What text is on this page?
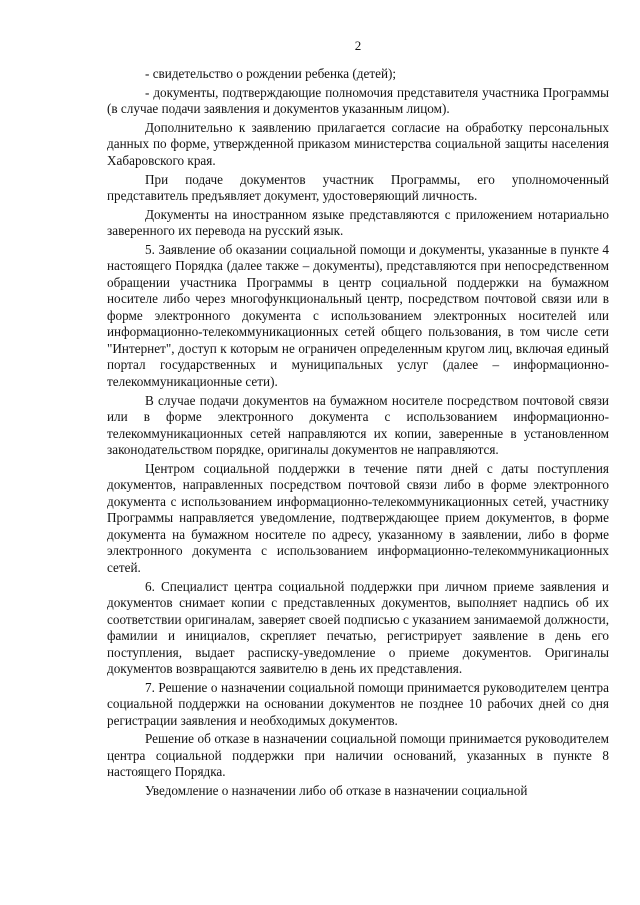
2

- свидетельство о рождении ребенка (детей);

- документы, подтверждающие полномочия представителя участника Программы (в случае подачи заявления и документов указанным лицом).

Дополнительно к заявлению прилагается согласие на обработку персональных данных по форме, утвержденной приказом министерства социальной защиты населения Хабаровского края.

При подаче документов участник Программы, его уполномоченный представитель предъявляет документ, удостоверяющий личность.

Документы на иностранном языке представляются с приложением нотариально заверенного их перевода на русский язык.

5. Заявление об оказании социальной помощи и документы, указанные в пункте 4 настоящего Порядка (далее также – документы), представляются при непосредственном обращении участника Программы в центр социальной поддержки на бумажном носителе либо через многофункциональный центр, посредством почтовой связи или в форме электронного документа с использованием электронных носителей или информационно-телекоммуникационных сетей общего пользования, в том числе сети "Интернет", доступ к которым не ограничен определенным кругом лиц, включая единый портал государственных и муниципальных услуг (далее – информационно-телекоммуникационные сети).

В случае подачи документов на бумажном носителе посредством почтовой связи или в форме электронного документа с использованием информационно-телекоммуникационных сетей направляются их копии, заверенные в установленном законодательством порядке, оригиналы документов не направляются.

Центром социальной поддержки в течение пяти дней с даты поступления документов, направленных посредством почтовой связи либо в форме электронного документа с использованием информационно-телекоммуникационных сетей, участнику Программы направляется уведомление, подтверждающее прием документов, в форме документа на бумажном носителе по адресу, указанному в заявлении, либо в форме электронного документа с использованием информационно-телекоммуникационных сетей.

6. Специалист центра социальной поддержки при личном приеме заявления и документов снимает копии с представленных документов, выполняет надпись об их соответствии оригиналам, заверяет своей подписью с указанием занимаемой должности, фамилии и инициалов, скрепляет печатью, регистрирует заявление в день его поступления, выдает расписку-уведомление о приеме документов. Оригиналы документов возвращаются заявителю в день их представления.

7. Решение о назначении социальной помощи принимается руководителем центра социальной поддержки на основании документов не позднее 10 рабочих дней со дня регистрации заявления и необходимых документов.

Решение об отказе в назначении социальной помощи принимается руководителем центра социальной поддержки при наличии оснований, указанных в пункте 8 настоящего Порядка.

Уведомление о назначении либо об отказе в назначении социальной
